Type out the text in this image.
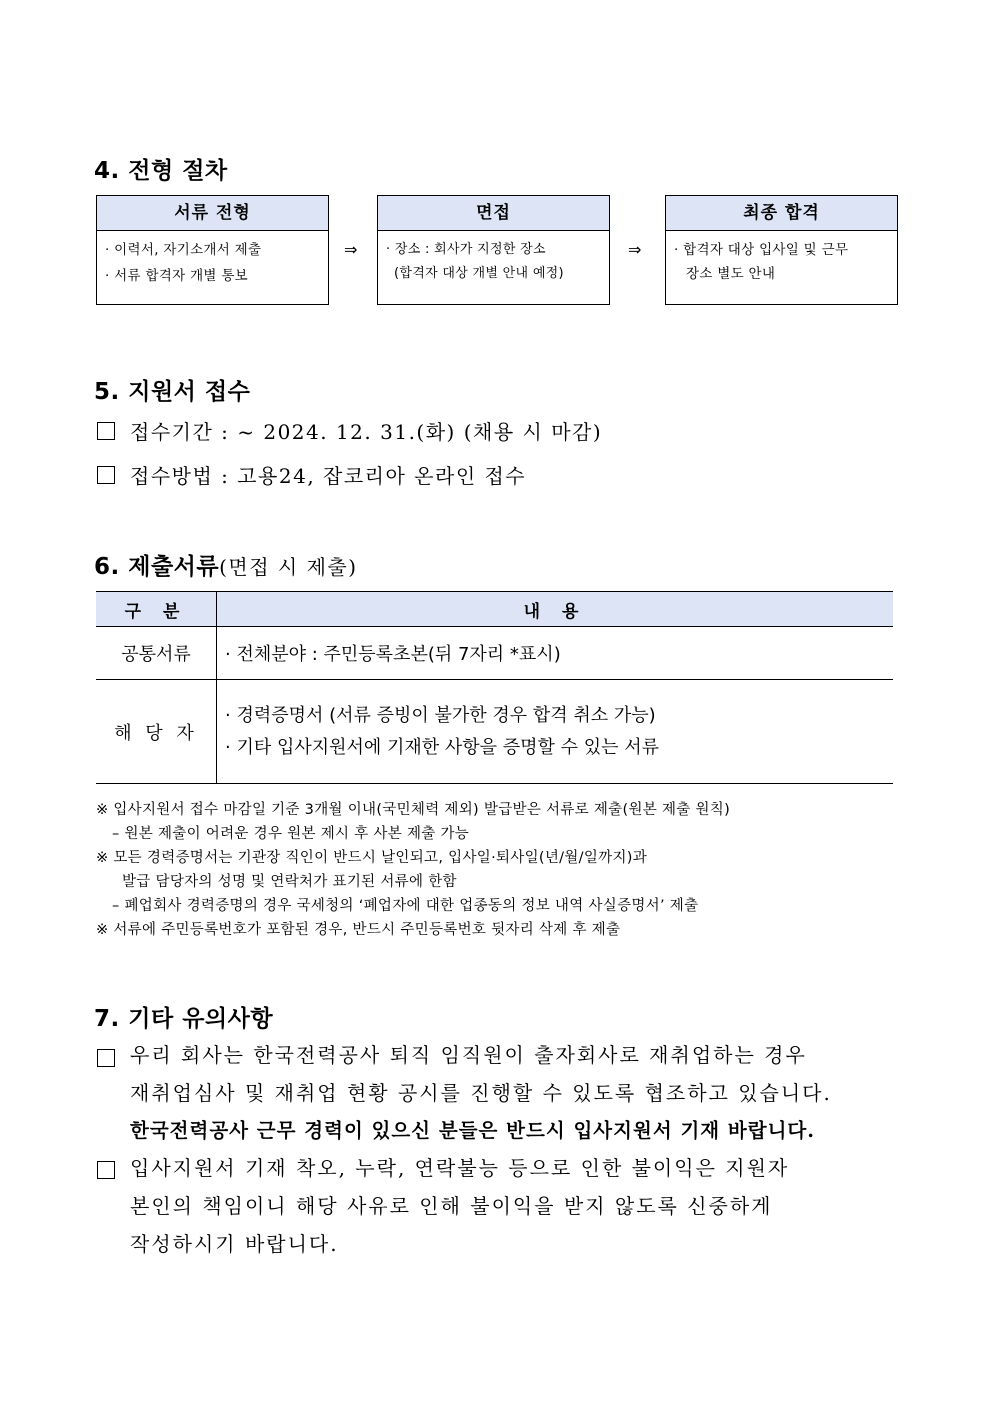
4. 전형 절차
서류 전형
· 이력서, 자기소개서 제출
· 서류 합격자 개별 통보
⇒
면접
· 장소 : 회사가 지정한 장소
(합격자 대상 개별 안내 예정)
⇒
최종 합격
· 합격자 대상 입사일 및 근무
장소 별도 안내
5. 지원서 접수
접수기간 : ~ 2024. 12. 31.(화) (채용 시 마감)
접수방법 : 고용24, 잡코리아 온라인 접수
6. 제출서류(면접 시 제출)
구 분	내 용
공통서류	· 전체분야 : 주민등록초본(뒤 7자리 *표시)

해 당 자	· 경력증명서 (서류 증빙이 불가한 경우 합격 취소 가능)
· 기타 입사지원서에 기재한 사항을 증명할 수 있는 서류
※ 입사지원서 접수 마감일 기준 3개월 이내(국민체력 제외) 발급받은 서류로 제출(원본 제출 원칙)
– 원본 제출이 어려운 경우 원본 제시 후 사본 제출 가능
※ 모든 경력증명서는 기관장 직인이 반드시 날인되고, 입사일·퇴사일(년/월/일까지)과
발급 담당자의 성명 및 연락처가 표기된 서류에 한함
– 폐업회사 경력증명의 경우 국세청의 ‘폐업자에 대한 업종동의 정보 내역 사실증명서’ 제출
※ 서류에 주민등록번호가 포함된 경우, 반드시 주민등록번호 뒷자리 삭제 후 제출
7. 기타 유의사항
우리 회사는 한국전력공사 퇴직 임직원이 출자회사로 재취업하는 경우
재취업심사 및 재취업 현황 공시를 진행할 수 있도록 협조하고 있습니다.
한국전력공사 근무 경력이 있으신 분들은 반드시 입사지원서 기재 바랍니다.
입사지원서 기재 착오, 누락, 연락불능 등으로 인한 불이익은 지원자
본인의 책임이니 해당 사유로 인해 불이익을 받지 않도록 신중하게
작성하시기 바랍니다.
